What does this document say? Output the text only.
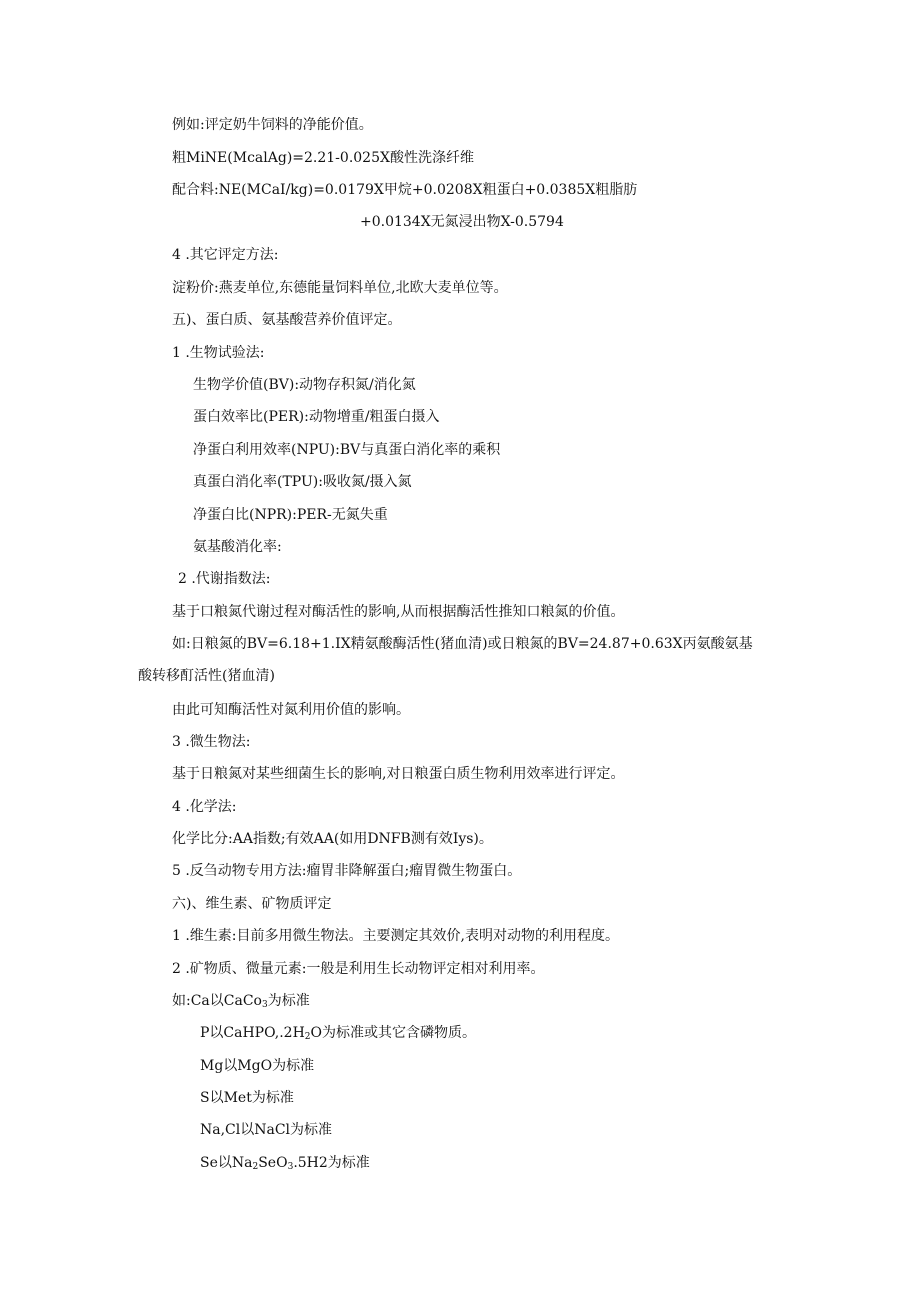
例如:评定奶牛饲料的净能价值。
粗MiNE(McalAg)=2.21-0.025X酸性洗涤纤维
配合料:NE(MCaI/kg)=0.0179X甲烷+0.0208X粗蛋白+0.0385X粗脂肪
+0.0134X无氮浸出物X-0.5794
4 .其它评定方法:
淀粉价:燕麦单位,东德能量饲料单位,北欧大麦单位等。
五)、蛋白质、氨基酸营养价值评定。
1 .生物试验法:
生物学价值(BV):动物存积氮/消化氮
蛋白效率比(PER):动物增重/粗蛋白摄入
净蛋白利用效率(NPU):BV与真蛋白消化率的乘积
真蛋白消化率(TPU):吸收氮/摄入氮
净蛋白比(NPR):PER-无氮失重
氨基酸消化率:
2 .代谢指数法:
基于口粮氮代谢过程对酶活性的影响,从而根据酶活性推知口粮氮的价值。
如:日粮氮的BV=6.18+1.IX精氨酸酶活性(猪血清)或日粮氮的BV=24.87+0.63X丙氨酸氨基
酸转移酊活性(猪血清)
由此可知酶活性对氮利用价值的影响。
3 .微生物法:
基于日粮氮对某些细菌生长的影响,对日粮蛋白质生物利用效率进行评定。
4 .化学法:
化学比分:AA指数;有效AA(如用DNFB测有效Iys)。
5 .反刍动物专用方法:瘤胃非降解蛋白;瘤胃微生物蛋白。
六)、维生素、矿物质评定
1 .维生素:目前多用微生物法。主要测定其效价,表明对动物的利用程度。
2 .矿物质、微量元素:一般是利用生长动物评定相对利用率。
如:Ca以CaCo$_3$为标准
P以$CaHPO,.2H_2O$为标准或其它含磷物质。
Mg以MgO为标准
S以Met为标准
Na,Cl以NaCl为标准
Se以$Na_2SeO_3.5H2$为标准
